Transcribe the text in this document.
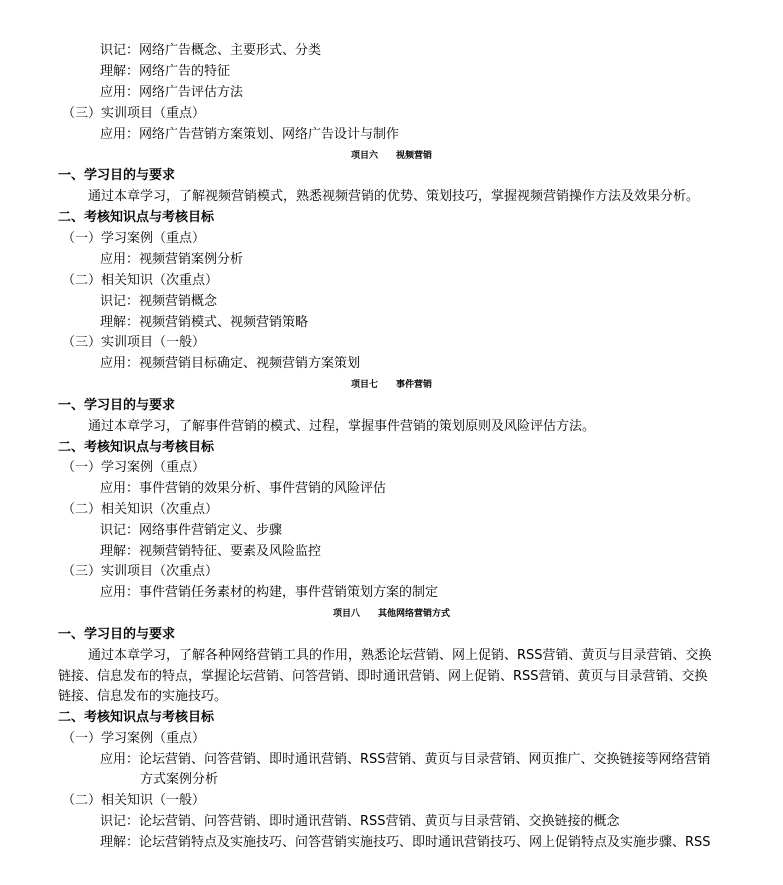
识记：网络广告概念、主要形式、分类
理解：网络广告的特征
应用：网络广告评估方法
（三）实训项目（重点）
应用：网络广告营销方案策划、网络广告设计与制作
项目六　　视频营销
一、学习目的与要求
通过本章学习，了解视频营销模式，熟悉视频营销的优势、策划技巧，掌握视频营销操作方法及效果分析。
二、考核知识点与考核目标
（一）学习案例（重点）
应用：视频营销案例分析
（二）相关知识（次重点）
识记：视频营销概念
理解：视频营销模式、视频营销策略
（三）实训项目（一般）
应用：视频营销目标确定、视频营销方案策划
项目七　　事件营销
一、学习目的与要求
通过本章学习，了解事件营销的模式、过程，掌握事件营销的策划原则及风险评估方法。
二、考核知识点与考核目标
（一）学习案例（重点）
应用：事件营销的效果分析、事件营销的风险评估
（二）相关知识（次重点）
识记：网络事件营销定义、步骤
理解：视频营销特征、要素及风险监控
（三）实训项目（次重点）
应用：事件营销任务素材的构建，事件营销策划方案的制定
项目八　　其他网络营销方式
一、学习目的与要求
通过本章学习，了解各种网络营销工具的作用，熟悉论坛营销、网上促销、RSS营销、黄页与目录营销、交换
链接、信息发布的特点，掌握论坛营销、问答营销、即时通讯营销、网上促销、RSS营销、黄页与目录营销、交换
链接、信息发布的实施技巧。
二、考核知识点与考核目标
（一）学习案例（重点）
应用：论坛营销、问答营销、即时通讯营销、RSS营销、黄页与目录营销、网页推广、交换链接等网络营销
方式案例分析
（二）相关知识（一般）
识记：论坛营销、问答营销、即时通讯营销、RSS营销、黄页与目录营销、交换链接的概念
理解：论坛营销特点及实施技巧、问答营销实施技巧、即时通讯营销技巧、网上促销特点及实施步骤、RSS
